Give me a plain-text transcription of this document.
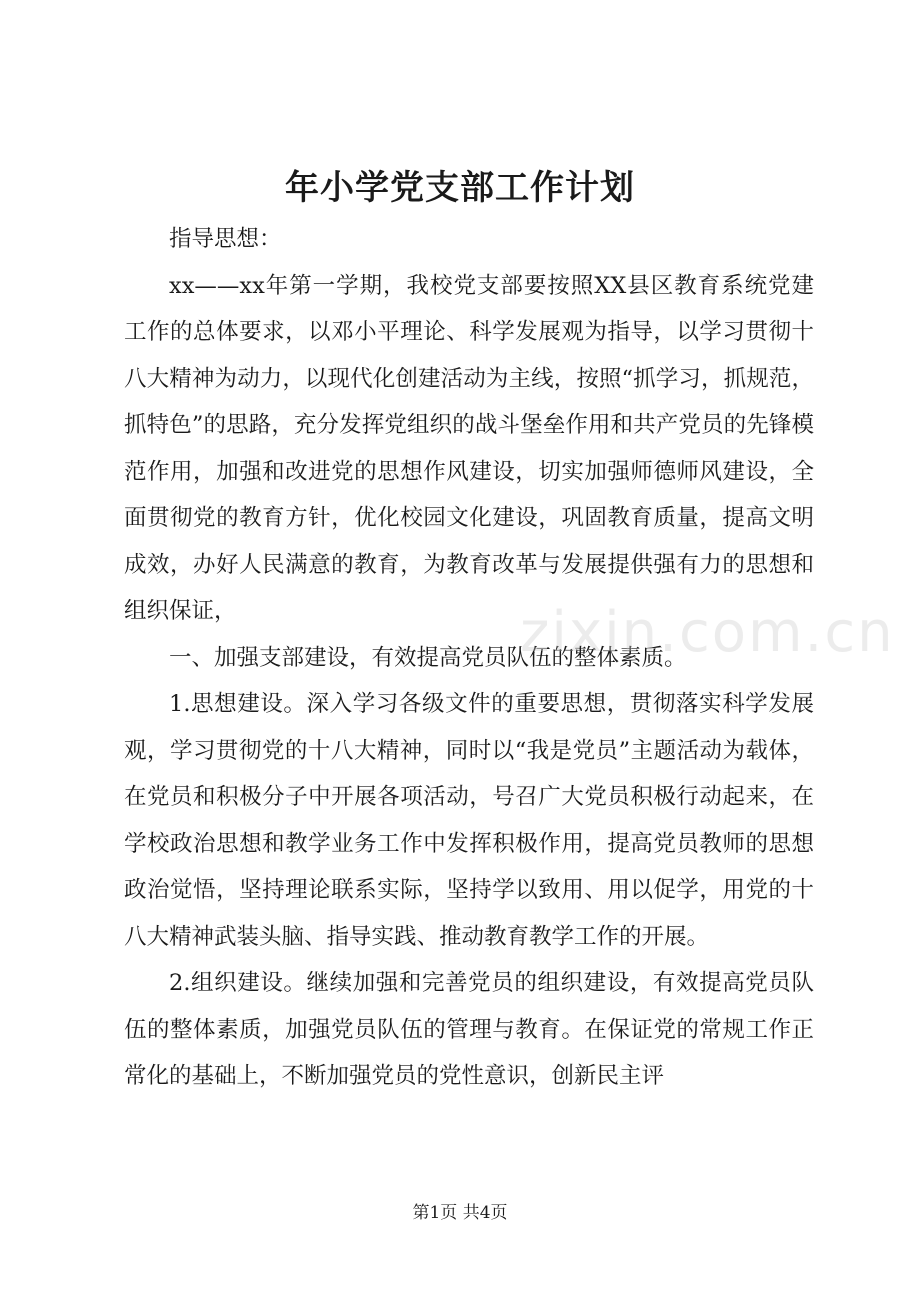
年小学党支部工作计划

指导思想：

xx——xx年第一学期，我校党支部要按照XX县区教育系统党建工作的总体要求，以邓小平理论、科学发展观为指导，以学习贯彻十八大精神为动力，以现代化创建活动为主线，按照“抓学习，抓规范，抓特色”的思路，充分发挥党组织的战斗堡垒作用和共产党员的先锋模范作用，加强和改进党的思想作风建设，切实加强师德师风建设，全面贯彻党的教育方针，优化校园文化建设，巩固教育质量，提高文明成效，办好人民满意的教育，为教育改革与发展提供强有力的思想和组织保证，

一、加强支部建设，有效提高党员队伍的整体素质。

1.思想建设。深入学习各级文件的重要思想，贯彻落实科学发展观，学习贯彻党的十八大精神，同时以“我是党员”主题活动为载体，在党员和积极分子中开展各项活动，号召广大党员积极行动起来，在学校政治思想和教学业务工作中发挥积极作用，提高党员教师的思想政治觉悟，坚持理论联系实际，坚持学以致用、用以促学，用党的十八大精神武装头脑、指导实践、推动教育教学工作的开展。

2.组织建设。继续加强和完善党员的组织建设，有效提高党员队伍的整体素质，加强党员队伍的管理与教育。在保证党的常规工作正常化的基础上，不断加强党员的党性意识，创新民主评

zixin.com.cn
第1页 共4页
